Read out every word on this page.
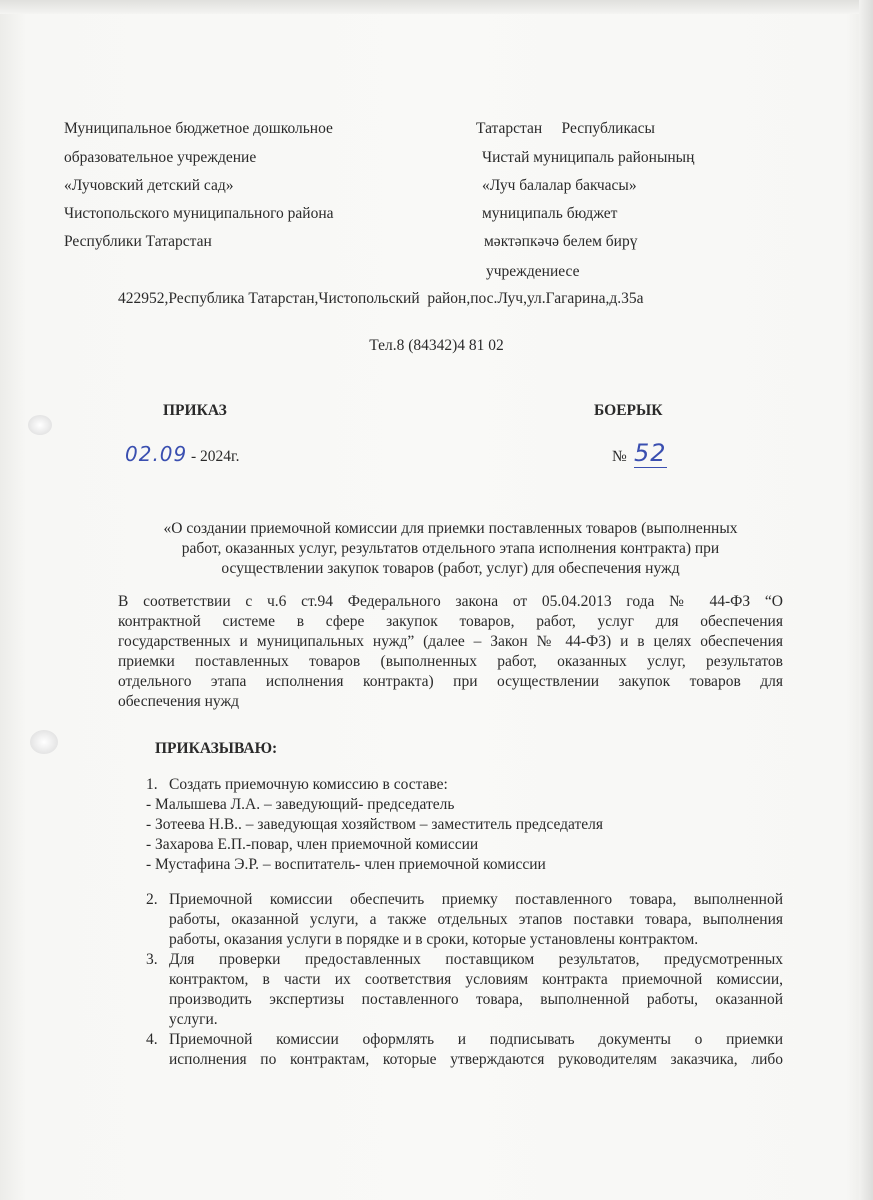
Муниципальное бюджетное дошкольное
образовательное учреждение
«Лучовский детский сад»
Чистопольского муниципального района
Республики Татарстан
Татарстан     Республикасы
Чистай муниципаль районының
«Луч балалар бакчасы»
муниципаль бюджет
мәктәпкәчә белем бирү
учреждениесе
422952,Республика Татарстан,Чистопольский  район,пос.Луч,ул.Гагарина,д.35а
Тел.8 (84342)4 81 02
ПРИКАЗ	БОЕРЫК
02.09 - 2024г.	№ 52
«О создании приемочной комиссии для приемки поставленных товаров (выполненных
работ, оказанных услуг, результатов отдельного этапа исполнения контракта) при
осуществлении закупок товаров (работ, услуг) для обеспечения нужд
В соответствии с ч.6 ст.94 Федерального закона от 05.04.2013 года № 44-ФЗ “О
контрактной системе в сфере закупок товаров, работ, услуг для обеспечения
государственных и муниципальных нужд” (далее – Закон № 44-ФЗ) и в целях обеспечения
приемки поставленных товаров (выполненных работ, оказанных услуг, результатов
отдельного этапа исполнения контракта) при осуществлении закупок товаров для
обеспечения нужд
ПРИКАЗЫВАЮ:
1. Создать приемочную комиссию в составе:
- Малышева Л.А. – заведующий- председатель
- Зотеева Н.В.. – заведующая хозяйством – заместитель председателя
- Захарова Е.П.-повар, член приемочной комиссии
- Мустафина Э.Р. – воспитатель- член приемочной комиссии
2. Приемочной комиссии обеспечить приемку поставленного товара, выполненной
работы, оказанной услуги, а также отдельных этапов поставки товара, выполнения
работы, оказания услуги в порядке и в сроки, которые установлены контрактом.
3. Для проверки предоставленных поставщиком результатов, предусмотренных
контрактом, в части их соответствия условиям контракта приемочной комиссии,
производить экспертизы поставленного товара, выполненной работы, оказанной
услуги.
4. Приемочной комиссии оформлять и подписывать документы о приемки
исполнения по контрактам, которые утверждаются руководителям заказчика, либо
